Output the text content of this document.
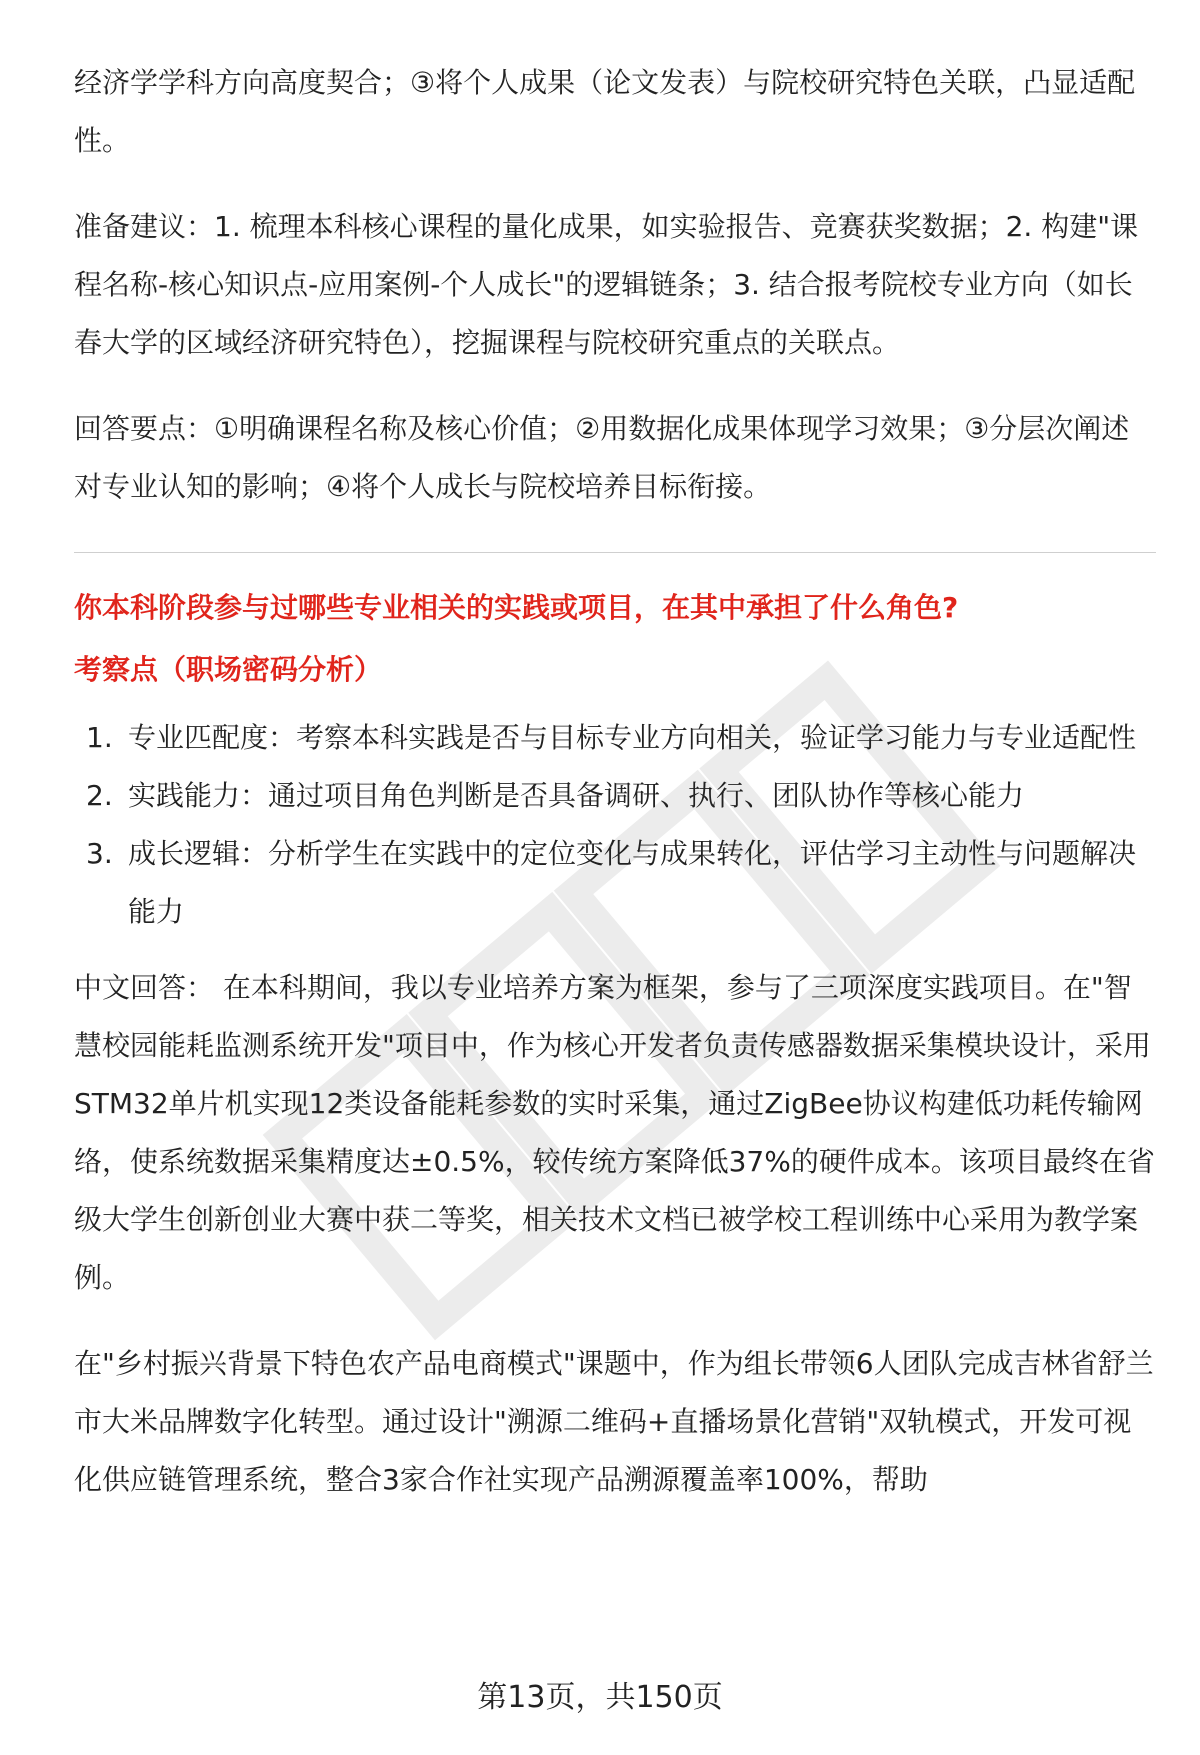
经济学学科方向高度契合；③将个人成果（论文发表）与院校研究特色关联，凸显适配性。

准备建议：1. 梳理本科核心课程的量化成果，如实验报告、竞赛获奖数据；2. 构建"课程名称-核心知识点-应用案例-个人成长"的逻辑链条；3. 结合报考院校专业方向（如长春大学的区域经济研究特色），挖掘课程与院校研究重点的关联点。

回答要点：①明确课程名称及核心价值；②用数据化成果体现学习效果；③分层次阐述对专业认知的影响；④将个人成长与院校培养目标衔接。

你本科阶段参与过哪些专业相关的实践或项目，在其中承担了什么角色?

考察点（职场密码分析）

1. 专业匹配度：考察本科实践是否与目标专业方向相关，验证学习能力与专业适配性
2. 实践能力：通过项目角色判断是否具备调研、执行、团队协作等核心能力
3. 成长逻辑：分析学生在实践中的定位变化与成果转化，评估学习主动性与问题解决能力

中文回答： 在本科期间，我以专业培养方案为框架，参与了三项深度实践项目。在"智慧校园能耗监测系统开发"项目中，作为核心开发者负责传感器数据采集模块设计，采用STM32单片机实现12类设备能耗参数的实时采集，通过ZigBee协议构建低功耗传输网络，使系统数据采集精度达±0.5%，较传统方案降低37%的硬件成本。该项目最终在省级大学生创新创业大赛中获二等奖，相关技术文档已被学校工程训练中心采用为教学案例。

在"乡村振兴背景下特色农产品电商模式"课题中，作为组长带领6人团队完成吉林省舒兰市大米品牌数字化转型。通过设计"溯源二维码+直播场景化营销"双轨模式，开发可视化供应链管理系统，整合3家合作社实现产品溯源覆盖率100%，帮助

第13页，共150页
